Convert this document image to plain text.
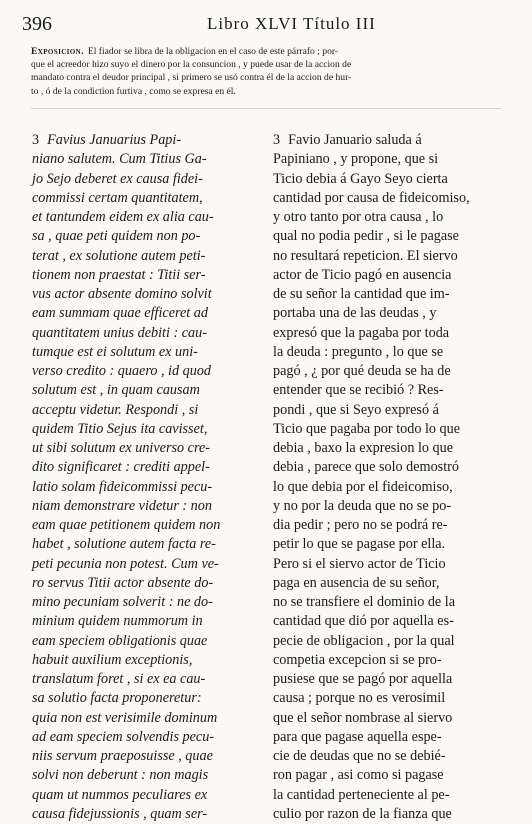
396	Libro XLVI Título III
Exposicion. El fiador se libra de la obligacion en el caso de este párrafo ; por-
que el acreedor hizo suyo el dinero por la consuncion , y puede usar de la accion de
mandato contra el deudor principal , si primero se usó contra él de la accion de hur-
to , ó de la condiction furtiva , como se expresa en él.
3 Favius Januarius Papi-
niano salutem. Cum Titius Ga-
jo Sejo deberet ex causa fidei-
commissi certam quantitatem,
et tantundem eidem ex alia cau-
sa , quae peti quidem non po-
terat , ex solutione autem peti-
tionem non praestat : Titii ser-
vus actor absente domino solvit
eam summam quae efficeret ad
quantitatem unius debiti : cau-
tumque est ei solutum ex uni-
verso credito : quaero , id quod
solutum est , in quam causam
acceptu videtur. Respondi , si
quidem Titio Sejus ita cavisset,
ut sibi solutum ex universo cre-
dito significaret : crediti appel-
latio solam fideicommissi pecu-
niam demonstrare videtur : non
eam quae petitionem quidem non
habet , solutione autem facta re-
peti pecunia non potest. Cum ve-
ro servus Titii actor absente do-
mino pecuniam solverit : ne do-
minium quidem nummorum in
eam speciem obligationis quae
habuit auxilium exceptionis,
translatum foret , si ex ea cau-
sa solutio facta proponeretur:
quia non est verisimile dominum
ad eam speciem solvendis pecu-
niis servum praeposuisse , quae
solvi non deberunt : non magis
quam ut nummos peculiares ex
causa fidejussionis , quam ser-
3 Favio Januario saluda á
Papiniano , y propone, que si
Ticio debia á Gayo Seyo cierta
cantidad por causa de fideicomiso,
y otro tanto por otra causa , lo
qual no podia pedir , si le pagase
no resultará repeticion. El siervo
actor de Ticio pagó en ausencia
de su señor la cantidad que im-
portaba una de las deudas , y
expresó que la pagaba por toda
la deuda : pregunto , lo que se
pagó , ¿ por qué deuda se ha de
entender que se recibió ? Res-
pondi , que si Seyo expresó á
Ticio que pagaba por todo lo que
debia , baxo la expresion lo que
debia , parece que solo demostró
lo que debia por el fideicomiso,
y no por la deuda que no se po-
dia pedir ; pero no se podrá re-
petir lo que se pagase por ella.
Pero si el siervo actor de Ticio
paga en ausencia de su señor,
no se transfiere el dominio de la
cantidad que dió por aquella es-
pecie de obligacion , por la qual
competia excepcion si se pro-
pusiese que se pagó por aquella
causa ; porque no es verosimil
que el señor nombrase al siervo
para que pagase aquella espe-
cie de deudas que no se debié-
ron pagar , asi como si pagase
la cantidad perteneciente al pe-
culio por razon de la fianza que
